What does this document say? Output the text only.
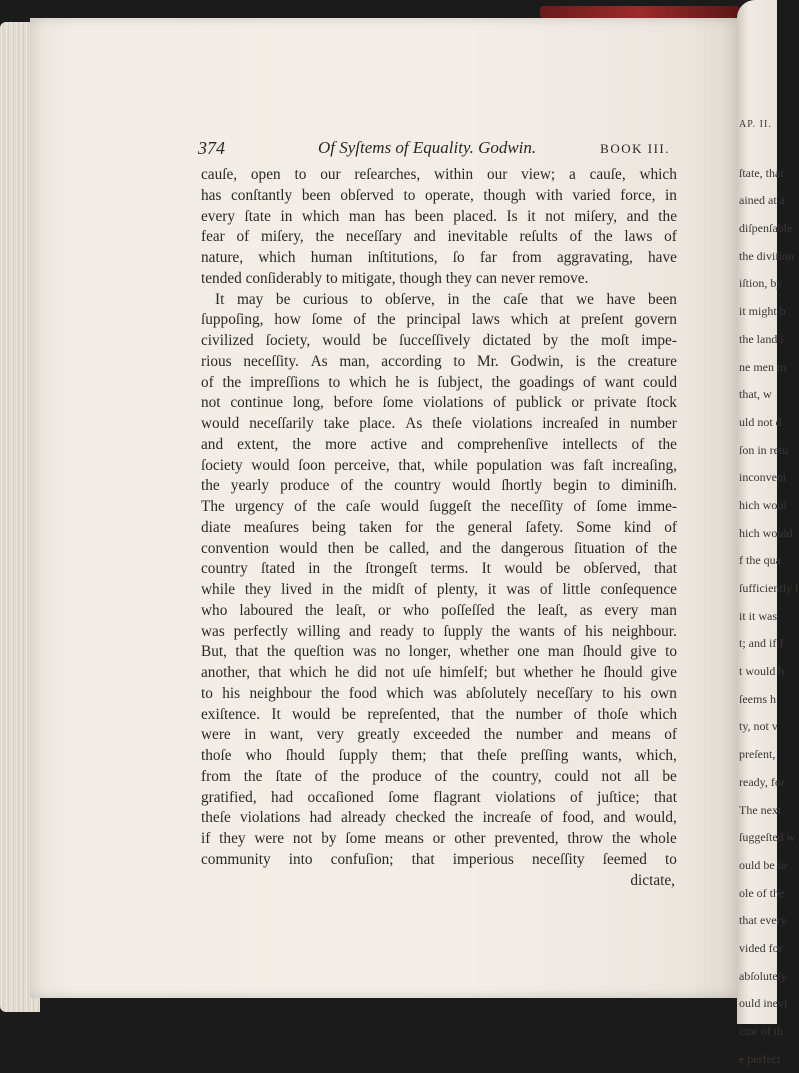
AP. II.
ſtate, that
ained at a
diſpenſable
the diviſion
iſtion, by
it might b
the land i
ne men m
that, w
uld not d
ſon in retu
inconveni
hich woul
hich would
f the qua
ſufficiently l
it it was
t; and if I
t would b
ſeems h
ty, not v
preſent,
ready, for
The next
ſuggeſted w
ould be ur
ole of the
that every
vided for
abſolutely
ould inevi
ctor of th
e perfect
374	Of Syſtems of Equality. Godwin.	BOOK III.
cauſe, open to our reſearches, within our view; a cauſe, which
has conſtantly been obſerved to operate, though with varied force, in
every ſtate in which man has been placed. Is it not miſery, and the
fear of miſery, the neceſſary and inevitable reſults of the laws of
nature, which human inſtitutions, ſo far from aggravating, have
tended conſiderably to mitigate, though they can never remove.
It may be curious to obſerve, in the caſe that we have been
ſuppoſing, how ſome of the principal laws which at preſent govern
civilized ſociety, would be ſucceſſively dictated by the moſt impe-
rious neceſſity. As man, according to Mr. Godwin, is the creature
of the impreſſions to which he is ſubject, the goadings of want could
not continue long, before ſome violations of publick or private ſtock
would neceſſarily take place. As theſe violations increaſed in number
and extent, the more active and comprehenſive intellects of the
ſociety would ſoon perceive, that, while population was faſt increaſing,
the yearly produce of the country would ſhortly begin to diminiſh.
The urgency of the caſe would ſuggeſt the neceſſity of ſome imme-
diate meaſures being taken for the general ſafety. Some kind of
convention would then be called, and the dangerous ſituation of the
country ſtated in the ſtrongeſt terms. It would be obſerved, that
while they lived in the midſt of plenty, it was of little conſequence
who laboured the leaſt, or who poſſeſſed the leaſt, as every man
was perfectly willing and ready to ſupply the wants of his neighbour.
But, that the queſtion was no longer, whether one man ſhould give to
another, that which he did not uſe himſelf; but whether he ſhould give
to his neighbour the food which was abſolutely neceſſary to his own
exiſtence. It would be repreſented, that the number of thoſe which
were in want, very greatly exceeded the number and means of
thoſe who ſhould ſupply them; that theſe preſſing wants, which,
from the ſtate of the produce of the country, could not all be
gratified, had occaſioned ſome flagrant violations of juſtice; that
theſe violations had already checked the increaſe of food, and would,
if they were not by ſome means or other prevented, throw the whole
community into confuſion; that imperious neceſſity ſeemed to
dictate,
